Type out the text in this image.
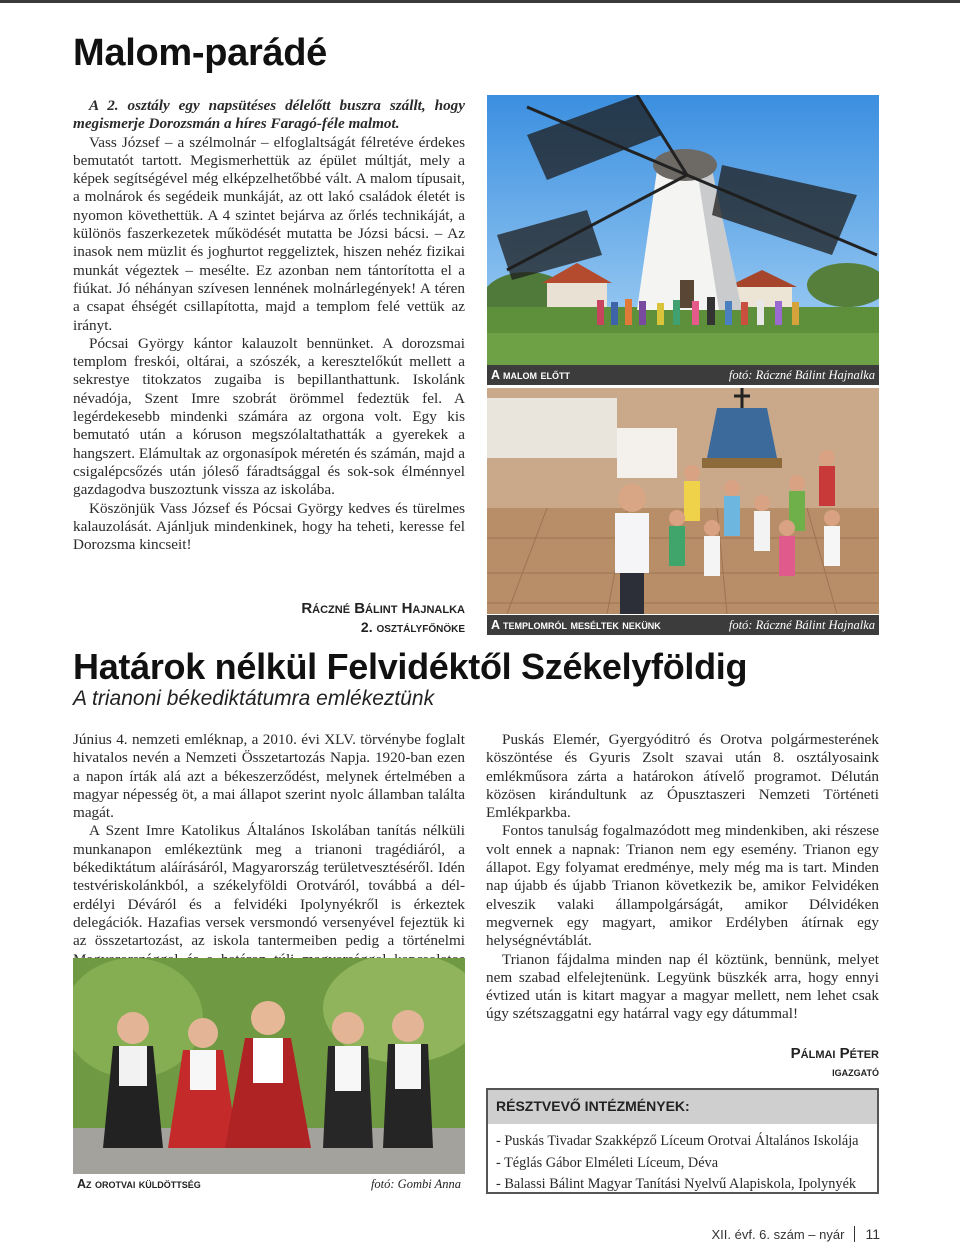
Malom-parádé

A 2. osztály egy napsütéses délelőtt buszra szállt, hogy megismerje Dorozsmán a híres Faragó-féle malmot.

Vass József – a szélmolnár – elfoglaltságát félretéve érdekes bemutatót tartott. Megismerhettük az épület múltját, mely a képek segítségével még elképzelhetőbbé vált. A malom típusait, a molnárok és segédeik munkáját, az ott lakó családok életét is nyomon követhettük. A 4 szintet bejárva az őrlés technikáját, a különös faszerkezetek működését mutatta be Józsi bácsi. – Az inasok nem müzlit és joghurtot reggeliztek, hiszen nehéz fizikai munkát végeztek – mesélte. Ez azonban nem tántorította el a fiúkat. Jó néhányan szívesen lennének molnárlegények! A téren a csapat éhségét csillapította, majd a templom felé vettük az irányt.

Pócsai György kántor kalauzolt bennünket. A dorozsmai templom freskói, oltárai, a szószék, a keresztelőkút mellett a sekrestye titokzatos zugaiba is bepillanthattunk. Iskolánk névadója, Szent Imre szobrát örömmel fedeztük fel. A legérdekesebb mindenki számára az orgona volt. Egy kis bemutató után a kóruson megszólaltathatták a gyerekek a hangszert. Elámultak az orgonasípok méretén és számán, majd a csigalépcsőzés után jóleső fáradtsággal és sok-sok élménnyel gazdagodva buszoztunk vissza az iskolába.

Köszönjük Vass József és Pócsai György kedves és türelmes kalauzolását. Ajánljuk mindenkinek, hogy ha teheti, keresse fel Dorozsma kincseit!

Ráczné Bálint Hajnalka
2. osztályfőnöke
A malom előtt	fotó: Ráczné Bálint Hajnalka
A templomról meséltek nekünk	fotó: Ráczné Bálint Hajnalka
Határok nélkül Felvidéktől Székelyföldig
A trianoni békediktátumra emlékeztünk

Június 4. nemzeti emléknap, a 2010. évi XLV. törvénybe foglalt hivatalos nevén a Nemzeti Összetartozás Napja. 1920-ban ezen a napon írták alá azt a békeszerződést, melynek értelmében a magyar népesség öt, a mai állapot szerint nyolc államban találta magát.

A Szent Imre Katolikus Általános Iskolában tanítás nélküli munkanapon emlékeztünk meg a trianoni tragédiáról, a békediktátum aláírásáról, Magyarország területvesztéséről. Idén testvériskolánkból, a székelyföldi Orotváról, továbbá a dél-erdélyi Déváról és a felvidéki Ipolynyékről is érkeztek delegációk. Hazafias versek versmondó versenyével fejeztük ki az összetartozást, az iskola tantermeiben pedig a történelmi

Az orotvai küldöttség	fotó: Gombi Anna

Puskás Elemér, Gyergyóditró és Orotva polgármesterének köszöntése és Gyuris Zsolt szavai után 8. osztályosaink emlékműsora zárta a határokon átívelő programot. Délután közösen kirándultunk az Ópusztaszeri Nemzeti Történeti Emlékparkba.

Fontos tanulság fogalmazódott meg mindenkiben, aki részese volt ennek a napnak: Trianon nem egy esemény. Trianon egy állapot. Egy folyamat eredménye, mely még ma is tart. Minden nap újabb és újabb Trianon következik be, amikor Felvidéken elveszik valaki állampolgárságát, amikor Délvidéken megvernek egy magyart, amikor Erdélyben átírnak egy helységnévtáblát.

Trianon fájdalma minden nap él köztünk, bennünk, melyet nem szabad elfelejtenünk. Legyünk büszkék arra, hogy ennyi évtized után is kitart magyar a magyar mellett, nem lehet csak úgy szétszaggatni egy határral vagy egy dátummal!

Pálmai Péter
igazgató
RÉSZTVEVŐ INTÉZMÉNYEK:
- Puskás Tivadar Szakképző Líceum Orotvai Általános Iskolája
- Téglás Gábor Elméleti Líceum, Déva
- Balassi Bálint Magyar Tanítási Nyelvű Alapiskola, Ipolynyék
XII. évf. 6. szám – nyár 11
